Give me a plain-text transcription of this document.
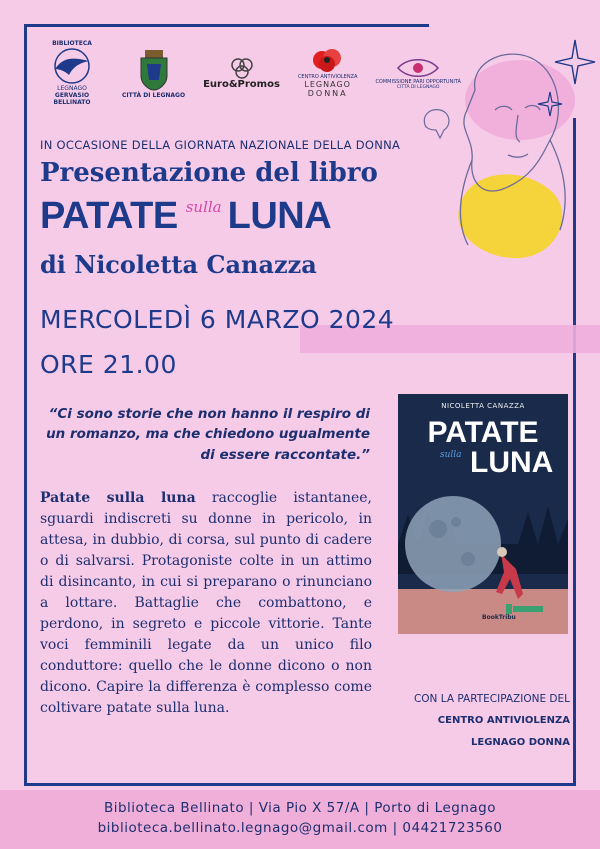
BIBLIOTECA
LEGNAGO
GERVASIO BELLINATO
CITTÀ DI LEGNAGO
Euro&Promos
CENTRO ANTIVIOLENZA
LEGNAGO
DONNA
COMMISSIONE PARI OPPORTUNITÀ
CITTÀ DI LEGNAGO
IN OCCASIONE DELLA GIORNATA NAZIONALE DELLA DONNA
Presentazione del libro
PATATE sulla LUNA
di Nicoletta Canazza
MERCOLEDÌ 6 MARZO 2024
ORE 21.00
“Ci sono storie che non hanno il respiro di un romanzo, ma che chiedono ugualmente di essere raccontate.”
Patate sulla luna raccoglie istantanee, sguardi indiscreti su donne in pericolo, in attesa, in dubbio, di corsa, sul punto di cadere o di salvarsi. Protagoniste colte in un attimo di disincanto, in cui si preparano o rinunciano a lottare. Battaglie che combattono, e perdono, in segreto e piccole vittorie. Tante voci femminili legate da un unico filo conduttore: quello che le donne dicono o non dicono. Capire la differenza è complesso come coltivare patate sulla luna.
NICOLETTA CANAZZA
PATATE
sulla LUNA
BookTribu
CON LA PARTECIPAZIONE DEL
CENTRO ANTIVIOLENZA
LEGNAGO DONNA
Biblioteca Bellinato | Via Pio X 57/A | Porto di Legnago
biblioteca.bellinato.legnago@gmail.com | 04421723560
